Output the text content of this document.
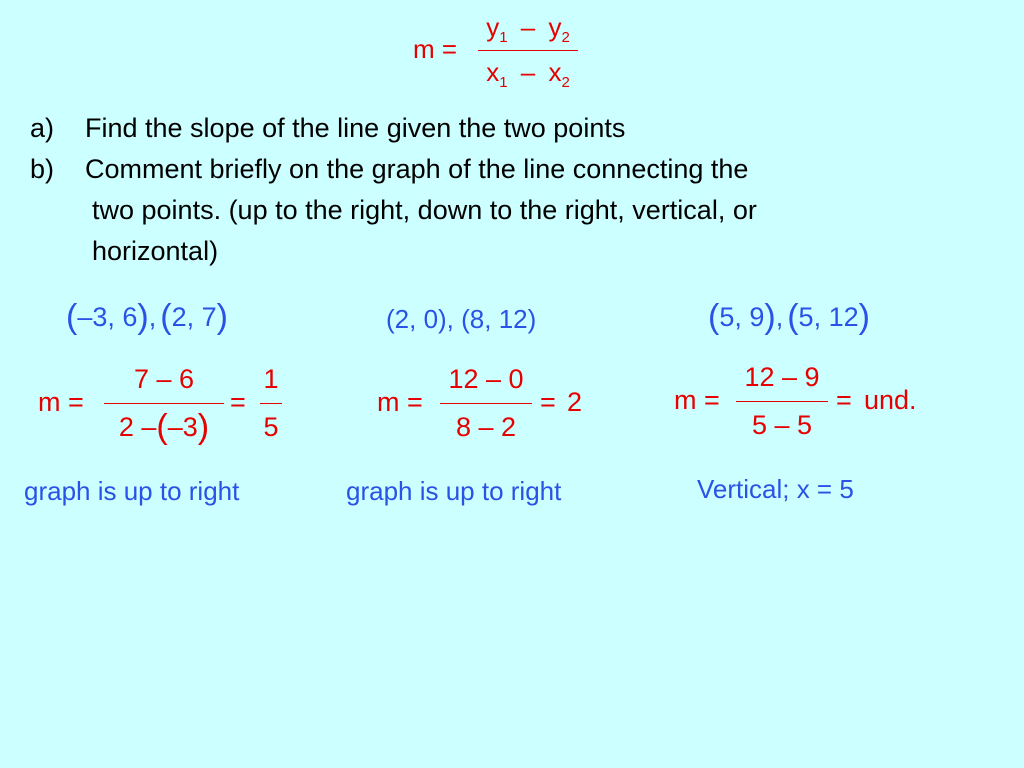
m =
$y_1 - y_2$
$x_1 - x_2$
a)	Find the slope of the line given the two points
b)	Comment briefly on the graph of the line connecting the
two points. (up to the right, down to the right, vertical, or
horizontal)
(–3, 6), (2, 7)
m =
7 – 6
2 –(–3)
=
1
5
graph is up to right
(2, 0), (8, 12)
m =
12 – 0
8 – 2
= 2
graph is up to right
(5, 9), (5, 12)
m =
12 – 9
5 – 5
= und.
Vertical; x = 5
